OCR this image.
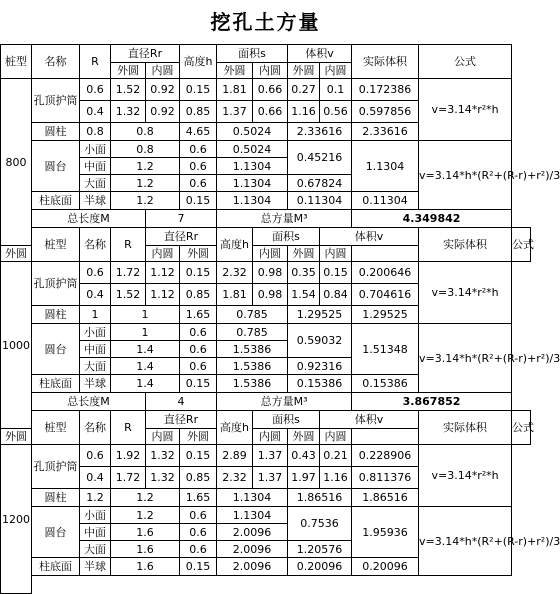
挖孔土方量
桩型	名称	R	直径Rr		高度h	面积s		体积v		实际体积	公式	
			外圆	内圆		外圆	内圆	外圆	内圆			
800	孔顶护筒	0.6	1.52	0.92	0.15	1.81	0.66	0.27	0.1	0.172386	v=3.14*r²*h	
		0.4	1.32	0.92	0.85	1.37	0.66	1.16	0.56	0.597856		
	圆柱	0.8	0.8		4.65	0.5024		2.33616		2.33616		
	圆台	小面	0.8		0.6	0.5024		0.45216		1.1304	v=3.14*h*(R²+(R-r)+r²)/3	
		中面	1.2		0.6	1.1304						
		大面	1.2		0.6	1.1304		0.67824				
	柱底面	半球	1.2		0.15	1.1304		0.11304		0.11304		
	总长度M			7		总方量M³				4.349842		
	桩型	名称	R	直径Rr		高度h	面积s		体积v		实际体积	公式
外圆				内圆	外圆		内圆	外圆	内圆			
1000	孔顶护筒	0.6	1.72	1.12	0.15	2.32	0.98	0.35	0.15	0.200646	v=3.14*r²*h	
		0.4	1.52	1.12	0.85	1.81	0.98	1.54	0.84	0.704616		
	圆柱	1	1		1.65	0.785		1.29525		1.29525		
	圆台	小面	1		0.6	0.785		0.59032		1.51348	v=3.14*h*(R²+(R-r)+r²)/3	
		中面	1.4		0.6	1.5386						
		大面	1.4		0.6	1.5386		0.92316				
	柱底面	半球	1.4		0.15	1.5386		0.15386		0.15386		
	总长度M			4		总方量M³				3.867852		
	桩型	名称	R	直径Rr		高度h	面积s		体积v		实际体积	公式
外圆				内圆	外圆		内圆	外圆	内圆			
1200	孔顶护筒	0.6	1.92	1.32	0.15	2.89	1.37	0.43	0.21	0.228906	v=3.14*r²*h	
		0.4	1.72	1.32	0.85	2.32	1.37	1.97	1.16	0.811376		
	圆柱	1.2	1.2		1.65	1.1304		1.86516		1.86516		
	圆台	小面	1.2		0.6	1.1304		0.7536		1.95936	v=3.14*h*(R²+(R-r)+r²)/3	
		中面	1.6		0.6	2.0096						
		大面	1.6		0.6	2.0096		1.20576				
	柱底面	半球	1.6		0.15	2.0096		0.20096		0.20096		
